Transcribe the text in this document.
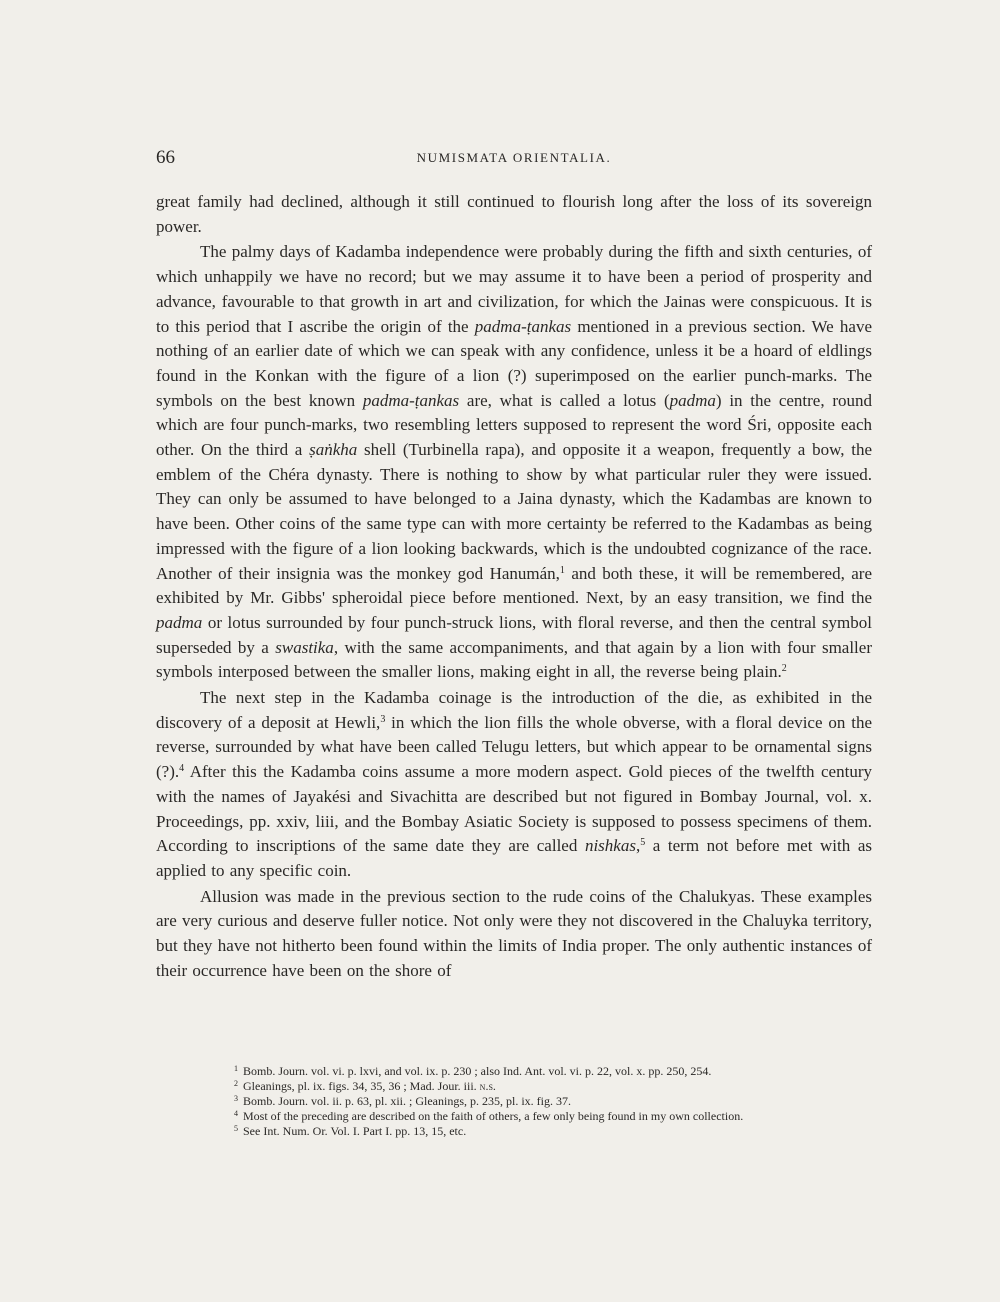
66	NUMISMATA ORIENTALIA.

great family had declined, although it still continued to flourish long after the loss of its sovereign power.

The palmy days of Kadamba independence were probably during the fifth and sixth centuries, of which unhappily we have no record; but we may assume it to have been a period of prosperity and advance, favourable to that growth in art and civilization, for which the Jainas were conspicuous. It is to this period that I ascribe the origin of the padma-ṭankas mentioned in a previous section. We have nothing of an earlier date of which we can speak with any confidence, unless it be a hoard of eldlings found in the Konkan with the figure of a lion (?) superimposed on the earlier punch-marks. The symbols on the best known padma-ṭankas are, what is called a lotus (padma) in the centre, round which are four punch-marks, two resembling letters supposed to represent the word Śri, opposite each other. On the third a ṣaṅkha shell (Turbinella rapa), and opposite it a weapon, frequently a bow, the emblem of the Chéra dynasty. There is nothing to show by what particular ruler they were issued. They can only be assumed to have belonged to a Jaina dynasty, which the Kadambas are known to have been. Other coins of the same type can with more certainty be referred to the Kadambas as being impressed with the figure of a lion looking backwards, which is the undoubted cognizance of the race. Another of their insignia was the monkey god Hanumán,$^1$ and both these, it will be remembered, are exhibited by Mr. Gibbs' spheroidal piece before mentioned. Next, by an easy transition, we find the padma or lotus surrounded by four punch-struck lions, with floral reverse, and then the central symbol superseded by a swastika, with the same accompaniments, and that again by a lion with four smaller symbols interposed between the smaller lions, making eight in all, the reverse being plain.$^2$

The next step in the Kadamba coinage is the introduction of the die, as exhibited in the discovery of a deposit at Hewli,$^3$ in which the lion fills the whole obverse, with a floral device on the reverse, surrounded by what have been called Telugu letters, but which appear to be ornamental signs (?).$^4$ After this the Kadamba coins assume a more modern aspect. Gold pieces of the twelfth century with the names of Jayakési and Sivachitta are described but not figured in Bombay Journal, vol. x. Proceedings, pp. xxiv, liii, and the Bombay Asiatic Society is supposed to possess specimens of them. According to inscriptions of the same date they are called nishkas,$^5$ a term not before met with as applied to any specific coin.

Allusion was made in the previous section to the rude coins of the Chalukyas. These examples are very curious and deserve fuller notice. Not only were they not discovered in the Chaluyka territory, but they have not hitherto been found within the limits of India proper. The only authentic instances of their occurrence have been on the shore of

$^1$ Bomb. Journ. vol. vi. p. lxvi, and vol. ix. p. 230 ; also Ind. Ant. vol. vi. p. 22, vol. x. pp. 250, 254.
$^2$ Gleanings, pl. ix. figs. 34, 35, 36 ; Mad. Jour. iii. n.s.
$^3$ Bomb. Journ. vol. ii. p. 63, pl. xii. ; Gleanings, p. 235, pl. ix. fig. 37.
$^4$ Most of the preceding are described on the faith of others, a few only being found in my own collection.
$^5$ See Int. Num. Or. Vol. I. Part I. pp. 13, 15, etc.
